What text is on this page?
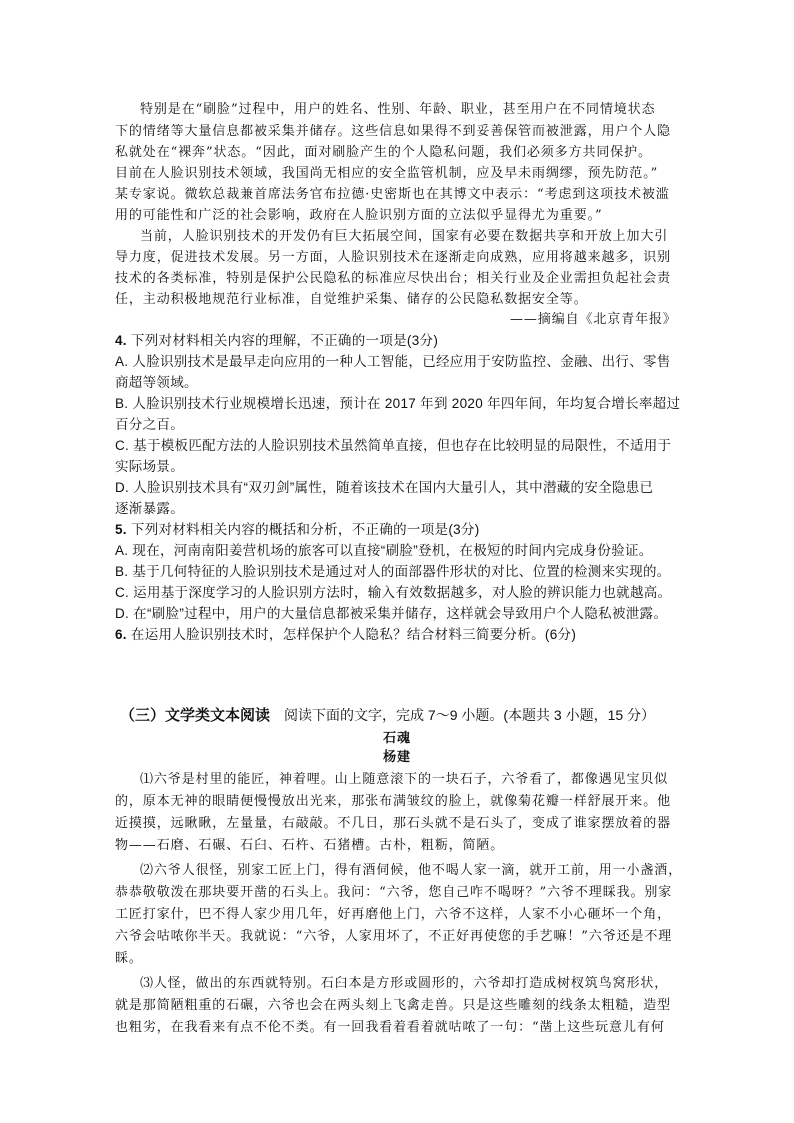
特别是在“刷脸”过程中，用户的姓名、性别、年龄、职业，甚至用户在不同情境状态

下的情绪等大量信息都被采集并储存。这些信息如果得不到妥善保管而被泄露，用户个人隐

私就处在“裸奔”状态。“因此，面对刷脸产生的个人隐私问题，我们必须多方共同保护。

目前在人脸识别技术领域，我国尚无相应的安全监管机制，应及早未雨绸缪，预先防范。”

某专家说。微软总裁兼首席法务官布拉德·史密斯也在其博文中表示：“考虑到这项技术被滥

用的可能性和广泛的社会影响，政府在人脸识别方面的立法似乎显得尤为重要。”

当前，人脸识别技术的开发仍有巨大拓展空间，国家有必要在数据共享和开放上加大引

导力度，促进技术发展。另一方面，人脸识别技术在逐渐走向成熟，应用将越来越多，识别

技术的各类标准，特别是保护公民隐私的标准应尽快出台；相关行业及企业需担负起社会责

任，主动积极地规范行业标准，自觉维护采集、储存的公民隐私数据安全等。

——摘编自《北京青年报》

4. 下列对材料相关内容的理解，不正确的一项是(3分)

A. 人脸识别技术是最早走向应用的一种人工智能，已经应用于安防监控、金融、出行、零售

商超等领域。

B. 人脸识别技术行业规模增长迅速，预计在 2017 年到 2020 年四年间，年均复合增长率超过

百分之百。

C. 基于模板匹配方法的人脸识别技术虽然简单直接，但也存在比较明显的局限性，不适用于

实际场景。

D. 人脸识别技术具有“双刃剑”属性，随着该技术在国内大量引人，其中潜藏的安全隐患已

逐渐暴露。

5. 下列对材料相关内容的概括和分析，不正确的一项是(3分)

A. 现在，河南南阳姜营机场的旅客可以直接“刷脸”登机，在极短的时间内完成身份验证。

B. 基于几何特征的人脸识别技术是通过对人的面部器件形状的对比、位置的检测来实现的。

C. 运用基于深度学习的人脸识别方法时，输入有效数据越多，对人脸的辨识能力也就越高。

D. 在“刷脸”过程中，用户的大量信息都被采集并储存，这样就会导致用户个人隐私被泄露。

6. 在运用人脸识别技术时，怎样保护个人隐私？结合材料三简要分析。(6分)

（三）文学类文本阅读 阅读下面的文字，完成 7～9 小题。(本题共 3 小题，15 分）

石魂

杨建

⑴六爷是村里的能匠，神着哩。山上随意滚下的一块石子，六爷看了，都像遇见宝贝似

的，原本无神的眼睛便慢慢放出光来，那张布满皱纹的脸上，就像菊花瓣一样舒展开来。他

近摸摸，远瞅瞅，左量量，右敲敲。不几日，那石头就不是石头了，变成了谁家摆放着的器

物——石磨、石碾、石臼、石杵、石猪槽。古朴，粗粝，简陋。

⑵六爷人很怪，别家工匠上门，得有酒伺候，他不喝人家一滴，就开工前，用一小盏酒，

恭恭敬敬泼在那块要开凿的石头上。我问：“六爷，您自己咋不喝呀？”六爷不理睬我。别家

工匠打家什，巴不得人家少用几年，好再磨他上门，六爷不这样，人家不小心砸坏一个角，

六爷会咕哝你半天。我就说：“六爷，人家用坏了，不正好再使您的手艺嘛！”六爷还是不理

睬。

⑶人怪，做出的东西就特别。石臼本是方形或圆形的，六爷却打造成树杈筑鸟窝形状，

就是那简陋粗重的石碾，六爷也会在两头刻上飞禽走兽。只是这些雕刻的线条太粗糙，造型

也粗劣，在我看来有点不伦不类。有一回我看着看着就咕哝了一句：“凿上这些玩意儿有何
